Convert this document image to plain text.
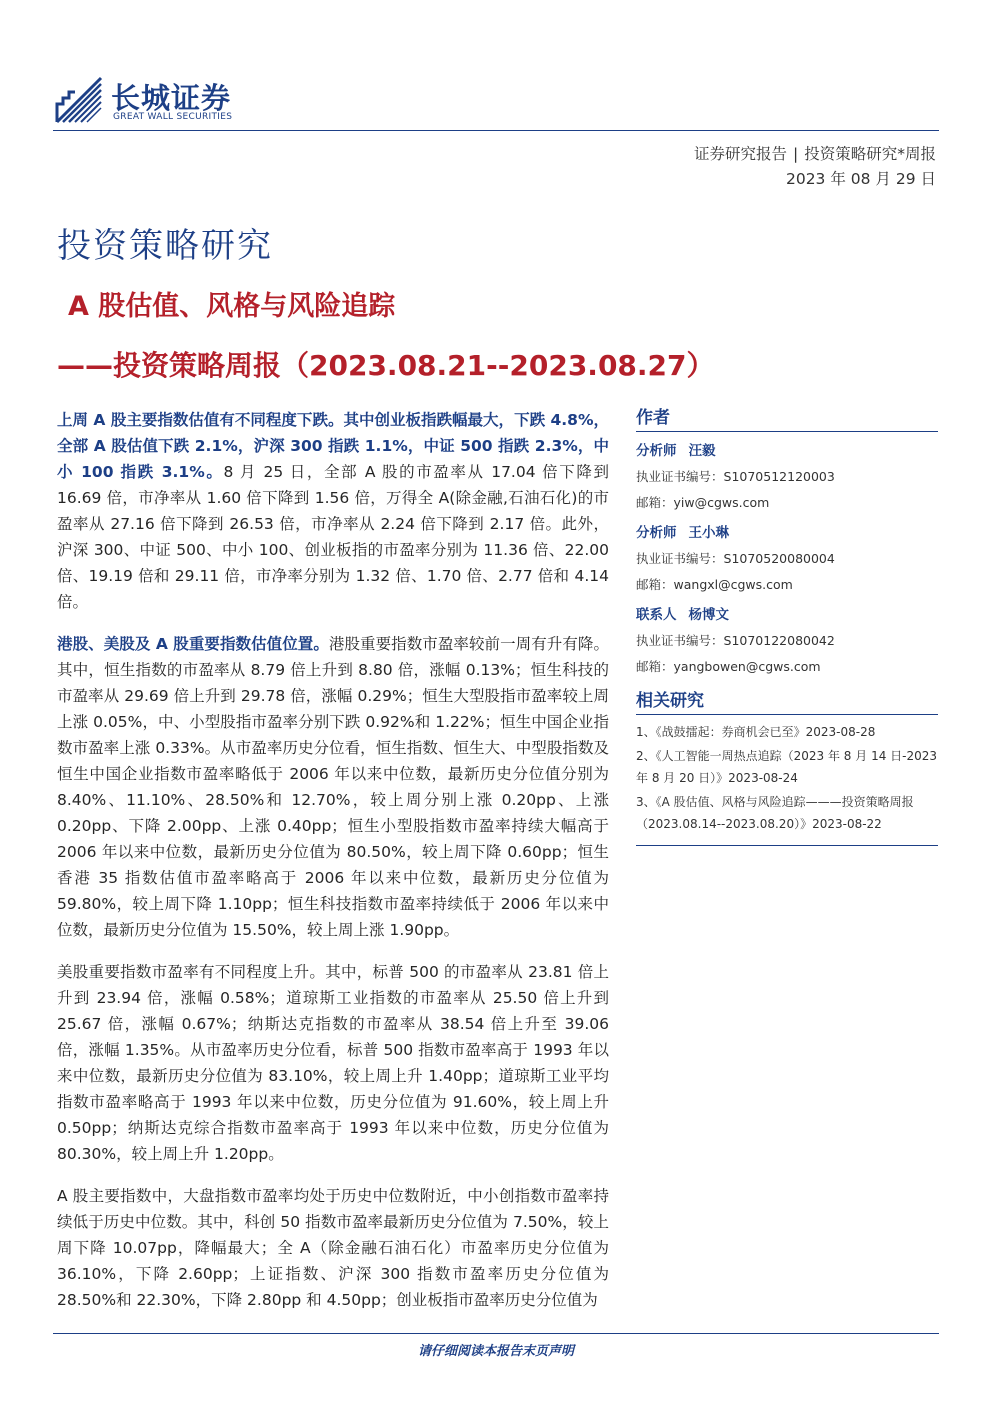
长城证券
GREAT WALL SECURITIES
证券研究报告 | 投资策略研究*周报
2023 年 08 月 29 日
投资策略研究
A 股估值、风格与风险追踪
——投资策略周报（2023.08.21--2023.08.27）

上周 A 股主要指数估值有不同程度下跌。其中创业板指跌幅最大，下跌 4.8%，全部 A 股估值下跌 2.1%，沪深 300 指跌 1.1%，中证 500 指跌 2.3%，中小 100 指跌 3.1%。8 月 25 日，全部 A 股的市盈率从 17.04 倍下降到 16.69 倍，市净率从 1.60 倍下降到 1.56 倍，万得全 A(除金融,石油石化)的市盈率从 27.16 倍下降到 26.53 倍，市净率从 2.24 倍下降到 2.17 倍。此外，沪深 300、中证 500、中小 100、创业板指的市盈率分别为 11.36 倍、22.00 倍、19.19 倍和 29.11 倍，市净率分别为 1.32 倍、1.70 倍、2.77 倍和 4.14 倍。

港股、美股及 A 股重要指数估值位置。港股重要指数市盈率较前一周有升有降。其中，恒生指数的市盈率从 8.79 倍上升到 8.80 倍，涨幅 0.13%；恒生科技的市盈率从 29.69 倍上升到 29.78 倍，涨幅 0.29%；恒生大型股指市盈率较上周上涨 0.05%，中、小型股指市盈率分别下跌 0.92%和 1.22%；恒生中国企业指数市盈率上涨 0.33%。从市盈率历史分位看，恒生指数、恒生大、中型股指数及恒生中国企业指数市盈率略低于 2006 年以来中位数，最新历史分位值分别为 8.40%、11.10%、28.50%和 12.70%，较上周分别上涨 0.20pp、上涨 0.20pp、下降 2.00pp、上涨 0.40pp；恒生小型股指数市盈率持续大幅高于 2006 年以来中位数，最新历史分位值为 80.50%，较上周下降 0.60pp；恒生香港 35 指数估值市盈率略高于 2006 年以来中位数，最新历史分位值为 59.80%，较上周下降 1.10pp；恒生科技指数市盈率持续低于 2006 年以来中位数，最新历史分位值为 15.50%，较上周上涨 1.90pp。

美股重要指数市盈率有不同程度上升。其中，标普 500 的市盈率从 23.81 倍上升到 23.94 倍，涨幅 0.58%；道琼斯工业指数的市盈率从 25.50 倍上升到 25.67 倍，涨幅 0.67%；纳斯达克指数的市盈率从 38.54 倍上升至 39.06 倍，涨幅 1.35%。从市盈率历史分位看，标普 500 指数市盈率高于 1993 年以来中位数，最新历史分位值为 83.10%，较上周上升 1.40pp；道琼斯工业平均指数市盈率略高于 1993 年以来中位数，历史分位值为 91.60%，较上周上升 0.50pp；纳斯达克综合指数市盈率高于 1993 年以来中位数，历史分位值为 80.30%，较上周上升 1.20pp。

A 股主要指数中，大盘指数市盈率均处于历史中位数附近，中小创指数市盈率持续低于历史中位数。其中，科创 50 指数市盈率最新历史分位值为 7.50%，较上周下降 10.07pp，降幅最大；全 A（除金融石油石化）市盈率历史分位值为 36.10%，下降 2.60pp；上证指数、沪深 300 指数市盈率历史分位值为 28.50%和 22.30%，下降 2.80pp 和 4.50pp；创业板指市盈率历史分位值为

作者
分析师 汪毅
执业证书编号：S1070512120003
邮箱：yiw@cgws.com
分析师 王小琳
执业证书编号：S1070520080004
邮箱：wangxl@cgws.com
联系人 杨博文
执业证书编号：S1070122080042
邮箱：yangbowen@cgws.com
相关研究
1、《战鼓擂起：券商机会已至》2023-08-28
2、《人工智能一周热点追踪（2023 年 8 月 14 日-2023 年 8 月 20 日）》2023-08-24
3、《A 股估值、风格与风险追踪———投资策略周报（2023.08.14--2023.08.20）》2023-08-22
请仔细阅读本报告末页声明
